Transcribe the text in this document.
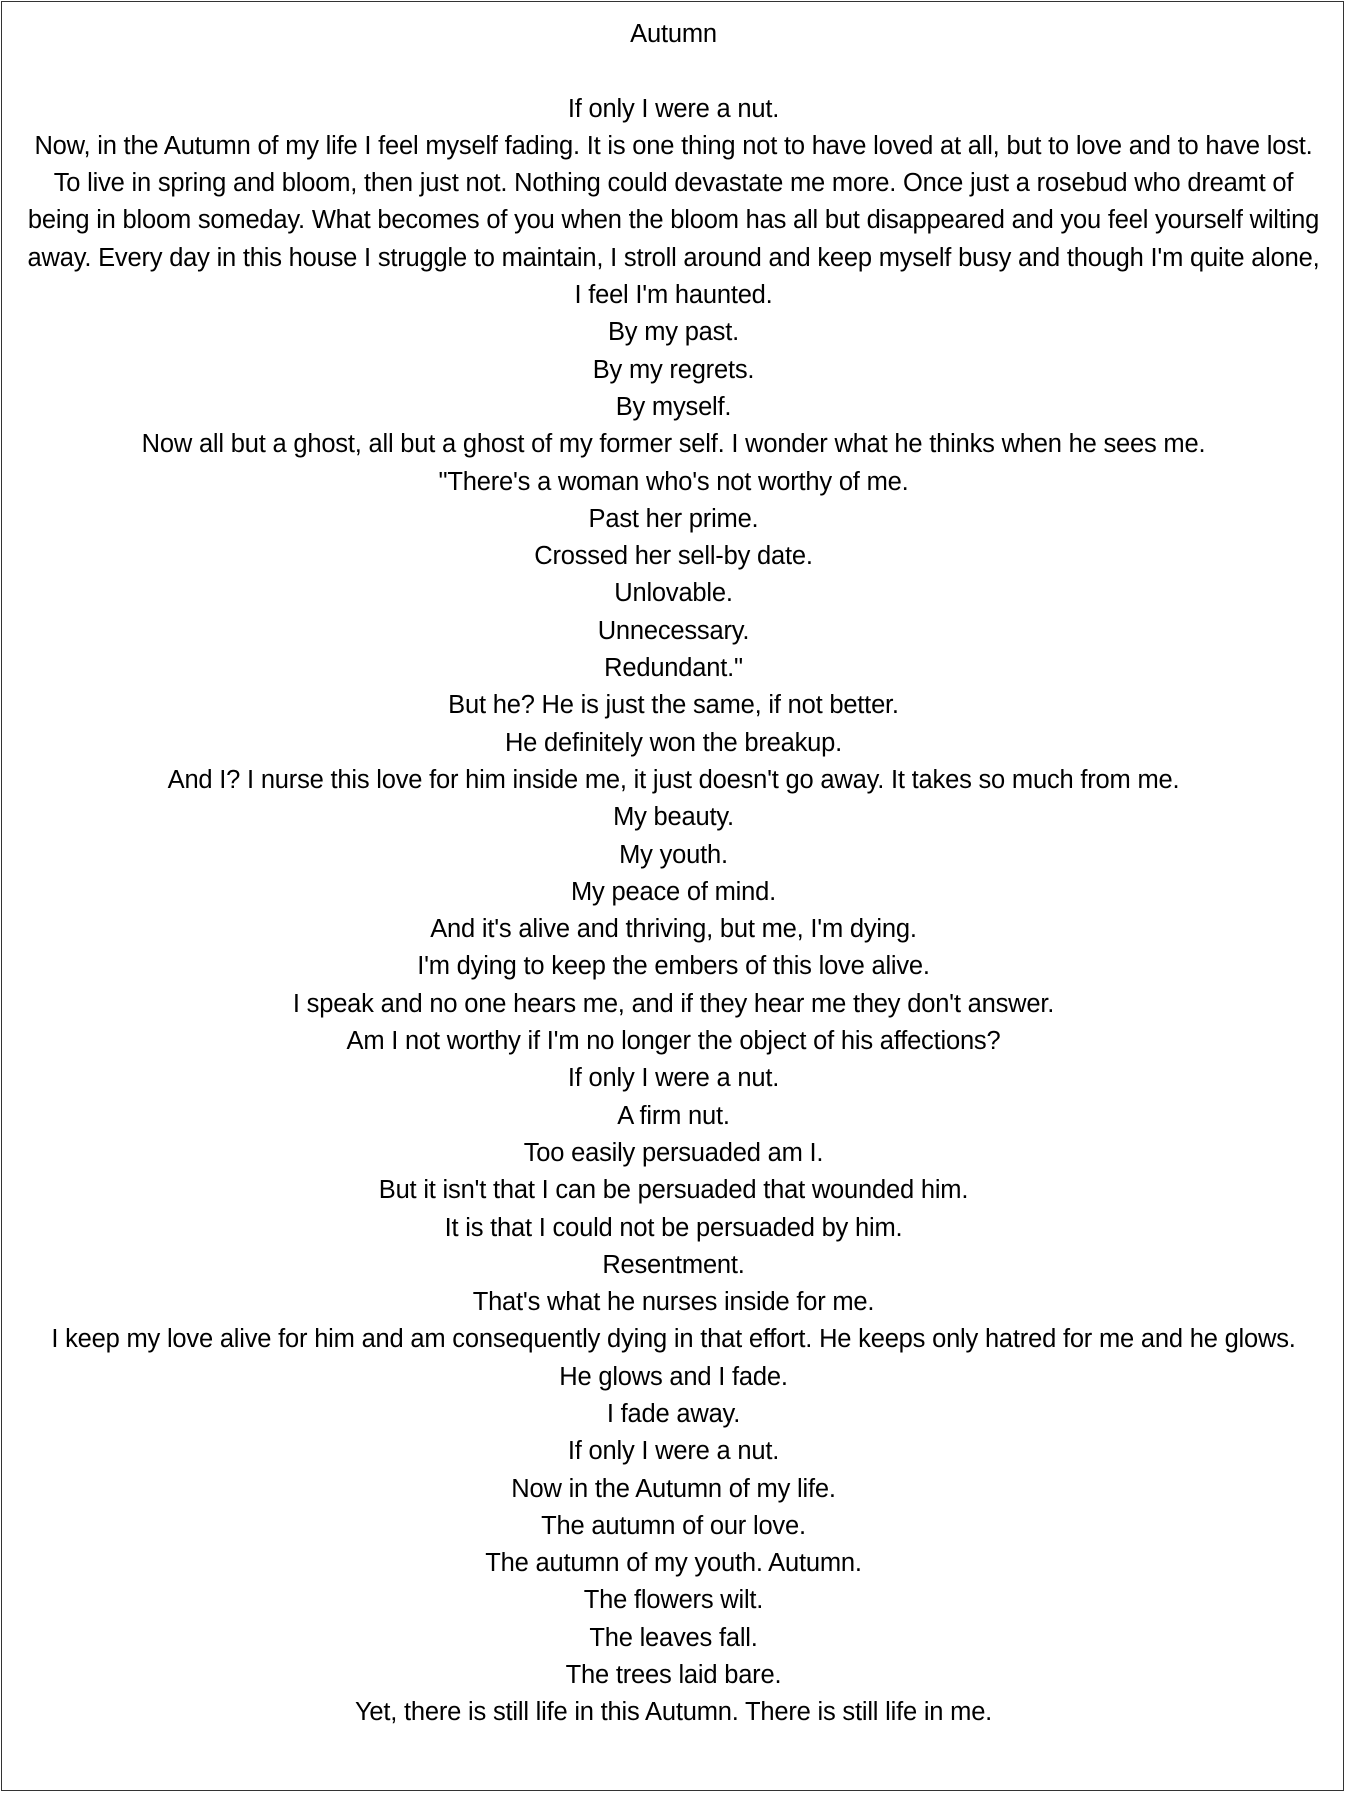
Autumn

If only I were a nut.

Now, in the Autumn of my life I feel myself fading. It is one thing not to have loved at all, but to love and to have lost. To live in spring and bloom, then just not. Nothing could devastate me more. Once just a rosebud who dreamt of being in bloom someday. What becomes of you when the bloom has all but disappeared and you feel yourself wilting away. Every day in this house I struggle to maintain, I stroll around and keep myself busy and though I'm quite alone, I feel I'm haunted.

By my past.

By my regrets.

By myself.

Now all but a ghost, all but a ghost of my former self. I wonder what he thinks when he sees me.

"There's a woman who's not worthy of me.

Past her prime.

Crossed her sell-by date.

Unlovable.

Unnecessary.

Redundant."

But he? He is just the same, if not better.

He definitely won the breakup.

And I? I nurse this love for him inside me, it just doesn't go away. It takes so much from me.

My beauty.

My youth.

My peace of mind.

And it's alive and thriving, but me, I'm dying.

I'm dying to keep the embers of this love alive.

I speak and no one hears me, and if they hear me they don't answer.

Am I not worthy if I'm no longer the object of his affections?

If only I were a nut.

A firm nut.

Too easily persuaded am I.

But it isn't that I can be persuaded that wounded him.

It is that I could not be persuaded by him.

Resentment.

That's what he nurses inside for me.

I keep my love alive for him and am consequently dying in that effort. He keeps only hatred for me and he glows.

He glows and I fade.

I fade away.

If only I were a nut.

Now in the Autumn of my life.

The autumn of our love.

The autumn of my youth. Autumn.

The flowers wilt.

The leaves fall.

The trees laid bare.

Yet, there is still life in this Autumn. There is still life in me.
